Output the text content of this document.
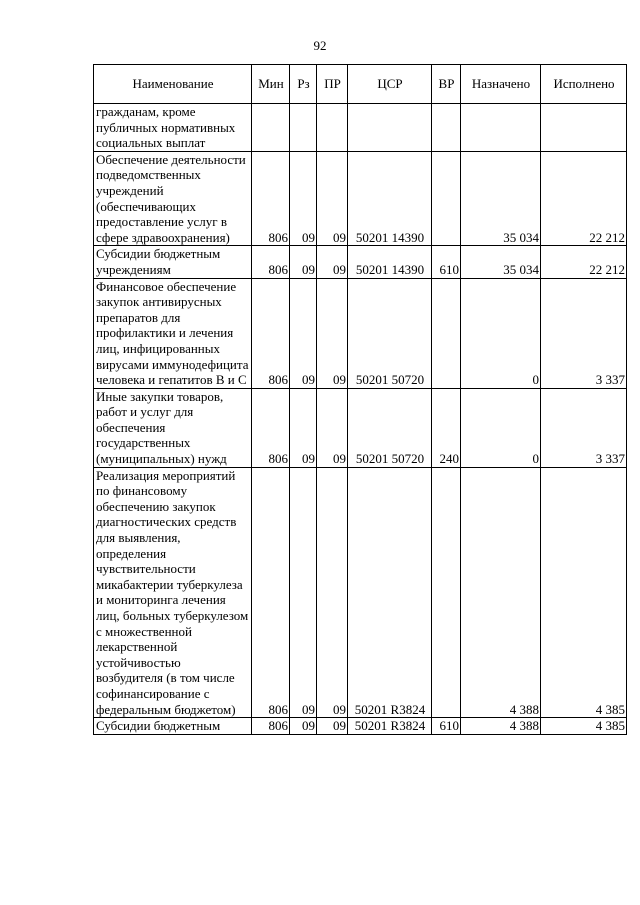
92
Наименование	Мин	Рз	ПР	ЦСР	ВР	Назначено	Исполнено
гражданам, кроме публичных нормативных социальных выплат							
Обеспечение деятельности подведомственных учреждений (обеспечивающих предоставление услуг в сфере здравоохранения)	806	09	09	50201 14390		35 034	22 212
Субсидии бюджетным учреждениям	806	09	09	50201 14390	610	35 034	22 212
Финансовое обеспечение закупок антивирусных препаратов для профилактики и лечения лиц, инфицированных вирусами иммунодефицита человека и гепатитов В и С	806	09	09	50201 50720		0	3 337
Иные закупки товаров, работ и услуг для обеспечения государственных (муниципальных) нужд	806	09	09	50201 50720	240	0	3 337
Реализация мероприятий по финансовому обеспечению закупок диагностических средств для выявления, определения чувствительности микабактерии туберкулеза и мониторинга лечения лиц, больных туберкулезом с множественной лекарственной устойчивостью возбудителя (в том числе софинансирование с федеральным бюджетом)	806	09	09	50201 R3824		4 388	4 385
Субсидии бюджетным	806	09	09	50201 R3824	610	4 388	4 385
